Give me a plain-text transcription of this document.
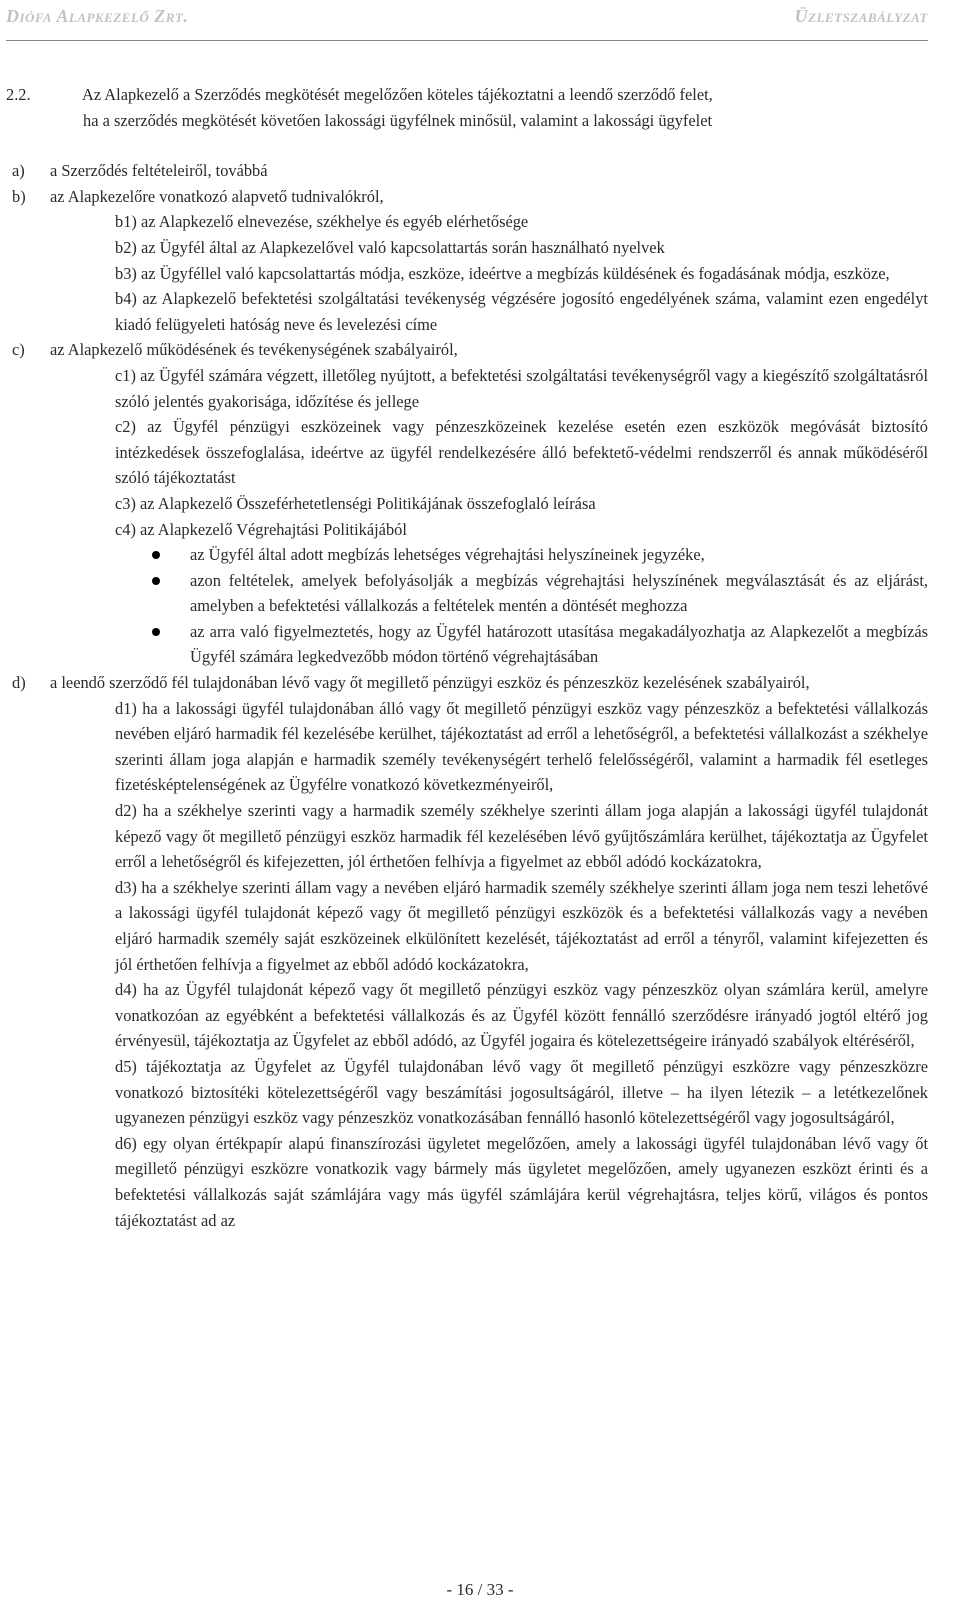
Diófa Alapkezelő Zrt.	Üzletszabályzat
2.2.	Az Alapkezelő a Szerződés megkötését megelőzően köteles tájékoztatni a leendő szerződő felet,
ha a szerződés megkötését követően lakossági ügyfélnek minősül, valamint a lakossági ügyfelet
a)	a Szerződés feltételeiről, továbbá
b)	az Alapkezelőre vonatkozó alapvető tudnivalókról,
b1) az Alapkezelő elnevezése, székhelye és egyéb elérhetősége
b2) az Ügyfél által az Alapkezelővel való kapcsolattartás során használható nyelvek
b3) az Ügyféllel való kapcsolattartás módja, eszköze, ideértve a megbízás küldésének és fogadásának módja, eszköze,
b4) az Alapkezelő befektetési szolgáltatási tevékenység végzésére jogosító engedélyének száma, valamint ezen engedélyt kiadó felügyeleti hatóság neve és levelezési címe
c)	az Alapkezelő működésének és tevékenységének szabályairól,
c1) az Ügyfél számára végzett, illetőleg nyújtott, a befektetési szolgáltatási tevékenységről vagy a kiegészítő szolgáltatásról szóló jelentés gyakorisága, időzítése és jellege
c2) az Ügyfél pénzügyi eszközeinek vagy pénzeszközeinek kezelése esetén ezen eszközök megóvását biztosító intézkedések összefoglalása, ideértve az ügyfél rendelkezésére álló befektető-védelmi rendszerről és annak működéséről szóló tájékoztatást
c3) az Alapkezelő Összeférhetetlenségi Politikájának összefoglaló leírása
c4) az Alapkezelő Végrehajtási Politikájából
az Ügyfél által adott megbízás lehetséges végrehajtási helyszíneinek jegyzéke,
azon feltételek, amelyek befolyásolják a megbízás végrehajtási helyszínének megválasztását és az eljárást, amelyben a befektetési vállalkozás a feltételek mentén a döntését meghozza
az arra való figyelmeztetés, hogy az Ügyfél határozott utasítása megakadályozhatja az Alapkezelőt a megbízás Ügyfél számára legkedvezőbb módon történő végrehajtásában
d)	a leendő szerződő fél tulajdonában lévő vagy őt megillető pénzügyi eszköz és pénzeszköz kezelésének szabályairól,
d1) ha a lakossági ügyfél tulajdonában álló vagy őt megillető pénzügyi eszköz vagy pénzeszköz a befektetési vállalkozás nevében eljáró harmadik fél kezelésébe kerülhet, tájékoztatást ad erről a lehetőségről, a befektetési vállalkozást a székhelye szerinti állam joga alapján e harmadik személy tevékenységért terhelő felelősségéről, valamint a harmadik fél esetleges fizetésképtelenségének az Ügyfélre vonatkozó következményeiről,
d2) ha a székhelye szerinti vagy a harmadik személy székhelye szerinti állam joga alapján a lakossági ügyfél tulajdonát képező vagy őt megillető pénzügyi eszköz harmadik fél kezelésében lévő gyűjtőszámlára kerülhet, tájékoztatja az Ügyfelet erről a lehetőségről és kifejezetten, jól érthetően felhívja a figyelmet az ebből adódó kockázatokra,
d3) ha a székhelye szerinti állam vagy a nevében eljáró harmadik személy székhelye szerinti állam joga nem teszi lehetővé a lakossági ügyfél tulajdonát képező vagy őt megillető pénzügyi eszközök és a befektetési vállalkozás vagy a nevében eljáró harmadik személy saját eszközeinek elkülönített kezelését, tájékoztatást ad erről a tényről, valamint kifejezetten és jól érthetően felhívja a figyelmet az ebből adódó kockázatokra,
d4) ha az Ügyfél tulajdonát képező vagy őt megillető pénzügyi eszköz vagy pénzeszköz olyan számlára kerül, amelyre vonatkozóan az egyébként a befektetési vállalkozás és az Ügyfél között fennálló szerződésre irányadó jogtól eltérő jog érvényesül, tájékoztatja az Ügyfelet az ebből adódó, az Ügyfél jogaira és kötelezettségeire irányadó szabályok eltéréséről,
d5) tájékoztatja az Ügyfelet az Ügyfél tulajdonában lévő vagy őt megillető pénzügyi eszközre vagy pénzeszközre vonatkozó biztosítéki kötelezettségéről vagy beszámítási jogosultságáról, illetve – ha ilyen létezik – a letétkezelőnek ugyanezen pénzügyi eszköz vagy pénzeszköz vonatkozásában fennálló hasonló kötelezettségéről vagy jogosultságáról,
d6) egy olyan értékpapír alapú finanszírozási ügyletet megelőzően, amely a lakossági ügyfél tulajdonában lévő vagy őt megillető pénzügyi eszközre vonatkozik vagy bármely más ügyletet megelőzően, amely ugyanezen eszközt érinti és a befektetési vállalkozás saját számlájára vagy más ügyfél számlájára kerül végrehajtásra, teljes körű, világos és pontos tájékoztatást ad az
- 16 / 33 -
